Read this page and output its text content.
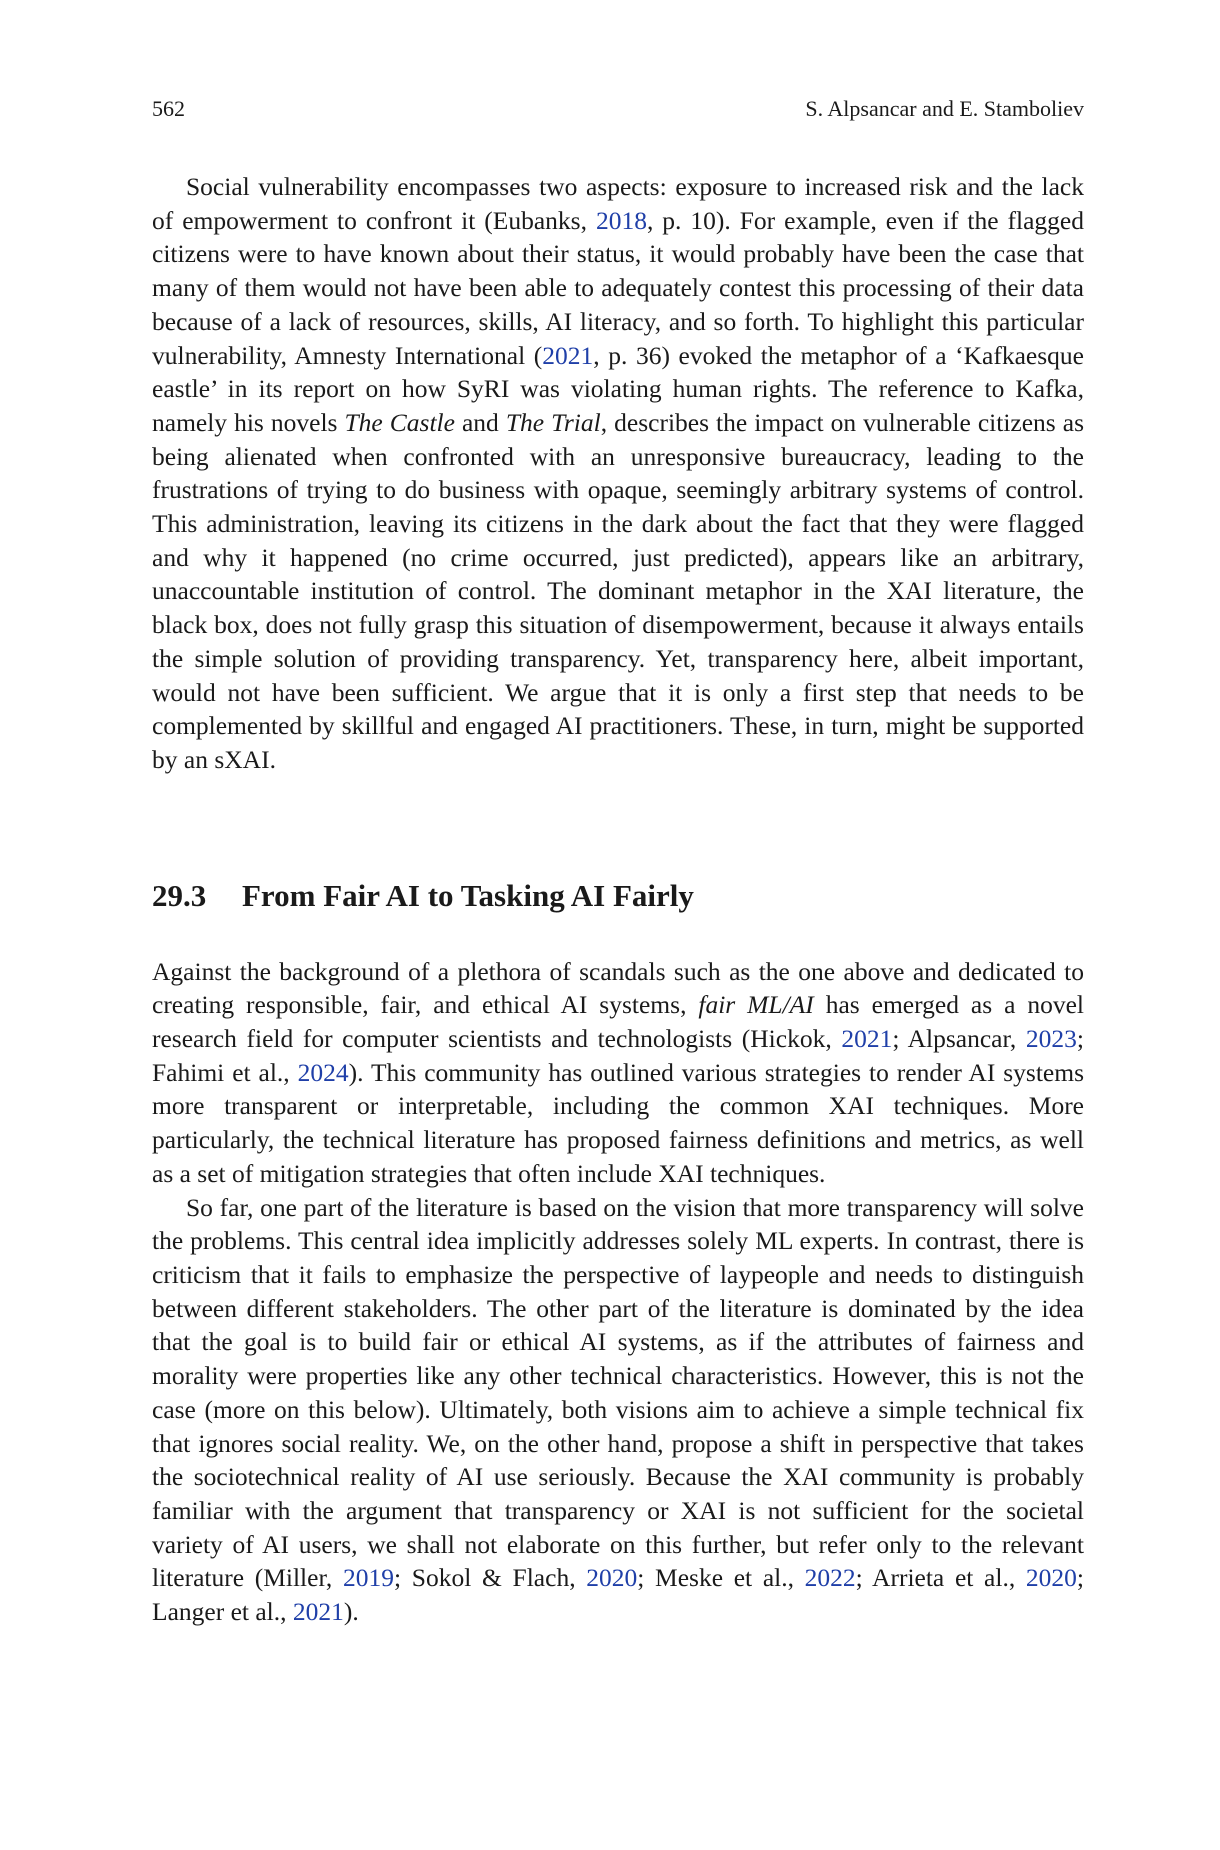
562	S. Alpsancar and E. Stamboliev

Social vulnerability encompasses two aspects: exposure to increased risk and the lack of empowerment to confront it (Eubanks, 2018, p. 10). For example, even if the flagged citizens were to have known about their status, it would probably have been the case that many of them would not have been able to adequately contest this processing of their data because of a lack of resources, skills, AI literacy, and so forth. To highlight this particular vulnerability, Amnesty International (2021, p. 36) evoked the metaphor of a ‘Kafkaesque eastle’ in its report on how SyRI was violating human rights. The reference to Kafka, namely his novels The Castle and The Trial, describes the impact on vulnerable citizens as being alienated when confronted with an unresponsive bureaucracy, leading to the frustrations of trying to do business with opaque, seemingly arbitrary systems of control. This administration, leaving its citizens in the dark about the fact that they were flagged and why it happened (no crime occurred, just predicted), appears like an arbitrary, unaccountable institution of control. The dominant metaphor in the XAI literature, the black box, does not fully grasp this situation of disempowerment, because it always entails the simple solution of providing transparency. Yet, transparency here, albeit important, would not have been sufficient. We argue that it is only a first step that needs to be complemented by skillful and engaged AI practitioners. These, in turn, might be supported by an sXAI.

29.3	From Fair AI to Tasking AI Fairly

Against the background of a plethora of scandals such as the one above and dedicated to creating responsible, fair, and ethical AI systems, fair ML/AI has emerged as a novel research field for computer scientists and technologists (Hickok, 2021; Alpsancar, 2023; Fahimi et al., 2024). This community has outlined various strategies to render AI systems more transparent or interpretable, including the common XAI techniques. More particularly, the technical literature has proposed fairness definitions and metrics, as well as a set of mitigation strategies that often include XAI techniques.

So far, one part of the literature is based on the vision that more transparency will solve the problems. This central idea implicitly addresses solely ML experts. In contrast, there is criticism that it fails to emphasize the perspective of laypeople and needs to distinguish between different stakeholders. The other part of the literature is dominated by the idea that the goal is to build fair or ethical AI systems, as if the attributes of fairness and morality were properties like any other technical characteristics. However, this is not the case (more on this below). Ultimately, both visions aim to achieve a simple technical fix that ignores social reality. We, on the other hand, propose a shift in perspective that takes the sociotechnical reality of AI use seriously. Because the XAI community is probably familiar with the argument that transparency or XAI is not sufficient for the societal variety of AI users, we shall not elaborate on this further, but refer only to the relevant literature (Miller, 2019; Sokol & Flach, 2020; Meske et al., 2022; Arrieta et al., 2020; Langer et al., 2021).
